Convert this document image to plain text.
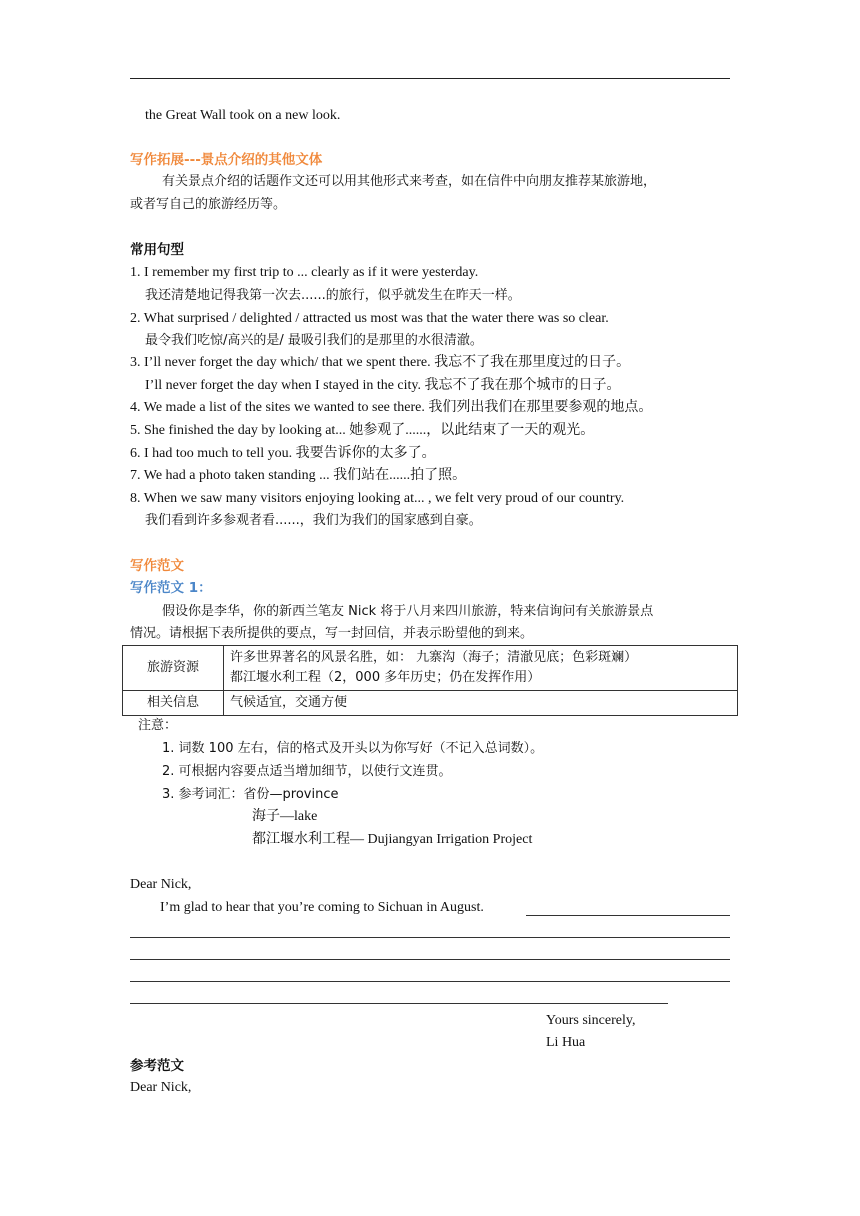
the Great Wall took on a new look.
写作拓展---景点介绍的其他文体
有关景点介绍的话题作文还可以用其他形式来考查，如在信件中向朋友推荐某旅游地，
或者写自己的旅游经历等。
常用句型
1. I remember my first trip to ... clearly as if it were yesterday.
我还清楚地记得我第一次去......的旅行，似乎就发生在昨天一样。
2. What surprised / delighted / attracted us most was that the water there was so clear.
最令我们吃惊/高兴的是/ 最吸引我们的是那里的水很清澈。
3. I’ll never forget the day which/ that we spent there. 我忘不了我在那里度过的日子。
I’ll never forget the day when I stayed in the city. 我忘不了我在那个城市的日子。
4. We made a list of the sites we wanted to see there. 我们列出我们在那里要参观的地点。
5. She finished the day by looking at... 她参观了......，以此结束了一天的观光。
6. I had too much to tell you. 我要告诉你的太多了。
7. We had a photo taken standing ... 我们站在......拍了照。
8. When we saw many visitors enjoying looking at... , we felt very proud of our country.
我们看到许多参观者看......，我们为我们的国家感到自豪。
写作范文
写作范文 1：
假设你是李华，你的新西兰笔友 Nick 将于八月来四川旅游，特来信询问有关旅游景点
情况。请根据下表所提供的要点，写一封回信，并表示盼望他的到来。
旅游资源	许多世界著名的风景名胜，如： 九寨沟（海子；清澈见底；色彩斑斓）
都江堰水利工程（2，000 多年历史；仍在发挥作用）

相关信息	气候适宜，交通方便
注意：
1. 词数 100 左右，信的格式及开头以为你写好（不记入总词数）。
2. 可根据内容要点适当增加细节，以使行文连贯。
3. 参考词汇：省份—province
海子—lake
都江堰水利工程— Dujiangyan Irrigation Project
Dear Nick,
I’m glad to hear that you’re coming to Sichuan in August.
Yours sincerely,
Li Hua
参考范文
Dear Nick,
